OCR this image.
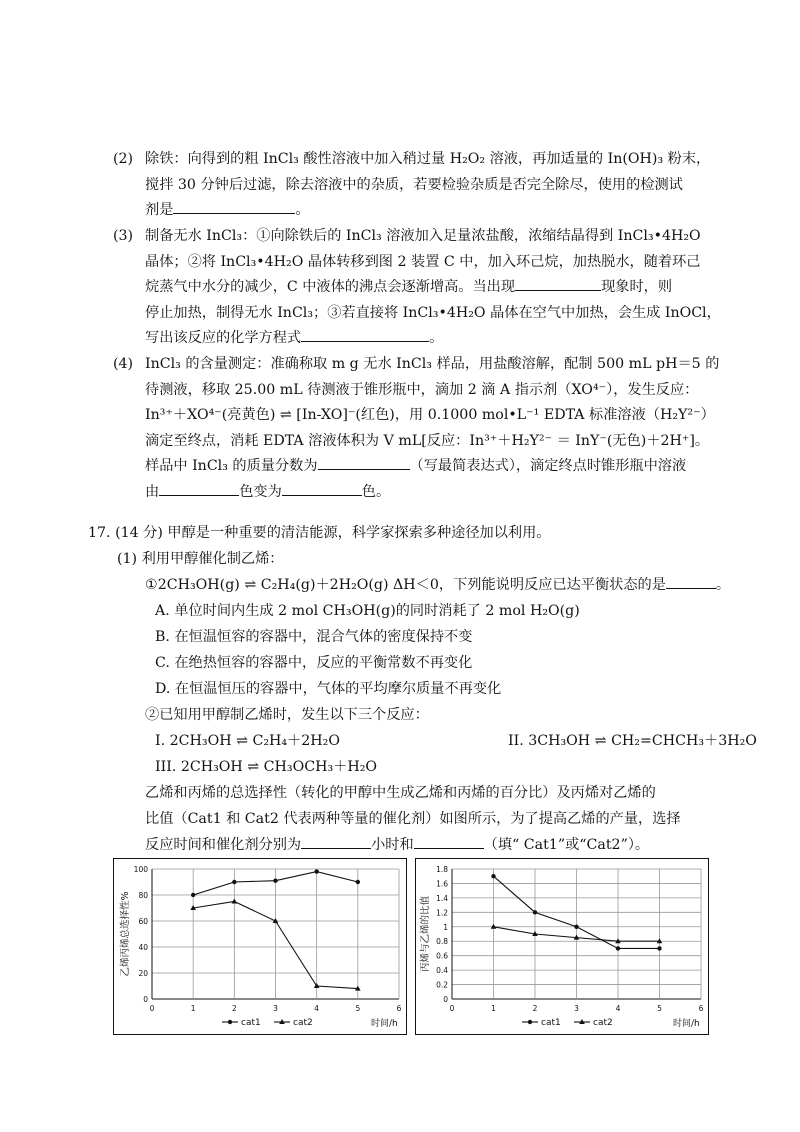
(2) 除铁：向得到的粗 InCl₃ 酸性溶液中加入稍过量 H₂O₂ 溶液，再加适量的 In(OH)₃ 粉末，
搅拌 30 分钟后过滤，除去溶液中的杂质，若要检验杂质是否完全除尽，使用的检测试
剂是	。
(3) 制备无水 InCl₃：①向除铁后的 InCl₃ 溶液加入足量浓盐酸，浓缩结晶得到 InCl₃•4H₂O
晶体；②将 InCl₃•4H₂O 晶体转移到图 2 装置 C 中，加入环己烷，加热脱水，随着环己
烷蒸气中水分的减少，C 中液体的沸点会逐渐增高。当出现	现象时，则
停止加热，制得无水 InCl₃；③若直接将 InCl₃•4H₂O 晶体在空气中加热，会生成 InOCl，
写出该反应的化学方程式	。
(4) InCl₃ 的含量测定：准确称取 m g 无水 InCl₃ 样品，用盐酸溶解，配制 500 mL pH＝5 的
待测液，移取 25.00 mL 待测液于锥形瓶中，滴加 2 滴 A 指示剂（XO⁴⁻），发生反应：
In³⁺＋XO⁴⁻(亮黄色) ⇌ [In-XO]⁻(红色)，用 0.1000 mol•L⁻¹ EDTA 标准溶液（H₂Y²⁻）
滴定至终点，消耗 EDTA 溶液体积为 V mL[反应：In³⁺＋H₂Y²⁻ ＝ InY⁻(无色)＋2H⁺]。
样品中 InCl₃ 的质量分数为	（写最简表达式），滴定终点时锥形瓶中溶液
由	色变为	色。
17. (14 分) 甲醇是一种重要的清洁能源，科学家探索多种途径加以利用。
(1) 利用甲醇催化制乙烯：
①2CH₃OH(g) ⇌ C₂H₄(g)＋2H₂O(g) ΔH＜0，下列能说明反应已达平衡状态的是	。
A. 单位时间内生成 2 mol CH₃OH(g)的同时消耗了 2 mol H₂O(g)
B. 在恒温恒容的容器中，混合气体的密度保持不变
C. 在绝热恒容的容器中，反应的平衡常数不再变化
D. 在恒温恒压的容器中，气体的平均摩尔质量不再变化
②已知用甲醇制乙烯时，发生以下三个反应：
I. 2CH₃OH ⇌ C₂H₄＋2H₂O	II. 3CH₃OH ⇌ CH₂=CHCH₃＋3H₂O
III. 2CH₃OH ⇌ CH₃OCH₃＋H₂O
乙烯和丙烯的总选择性（转化的甲醇中生成乙烯和丙烯的百分比）及丙烯对乙烯的
比值（Cat1 和 Cat2 代表两种等量的催化剂）如图所示，为了提高乙烯的产量，选择
反应时间和催化剂分别为	小时和	（填“ Cat1”或“Cat2”）。
0
20
40
60
80
100
0	1	2	3	4	5	6
乙烯丙烯总选择性%
cat1	cat2	时间/h
0
0.2
0.4
0.6
0.8
1
1.2
1.4
1.6
1.8
0	1	2	3	4	5	6
丙烯与乙烯的比值
cat1	cat2	时间/h
